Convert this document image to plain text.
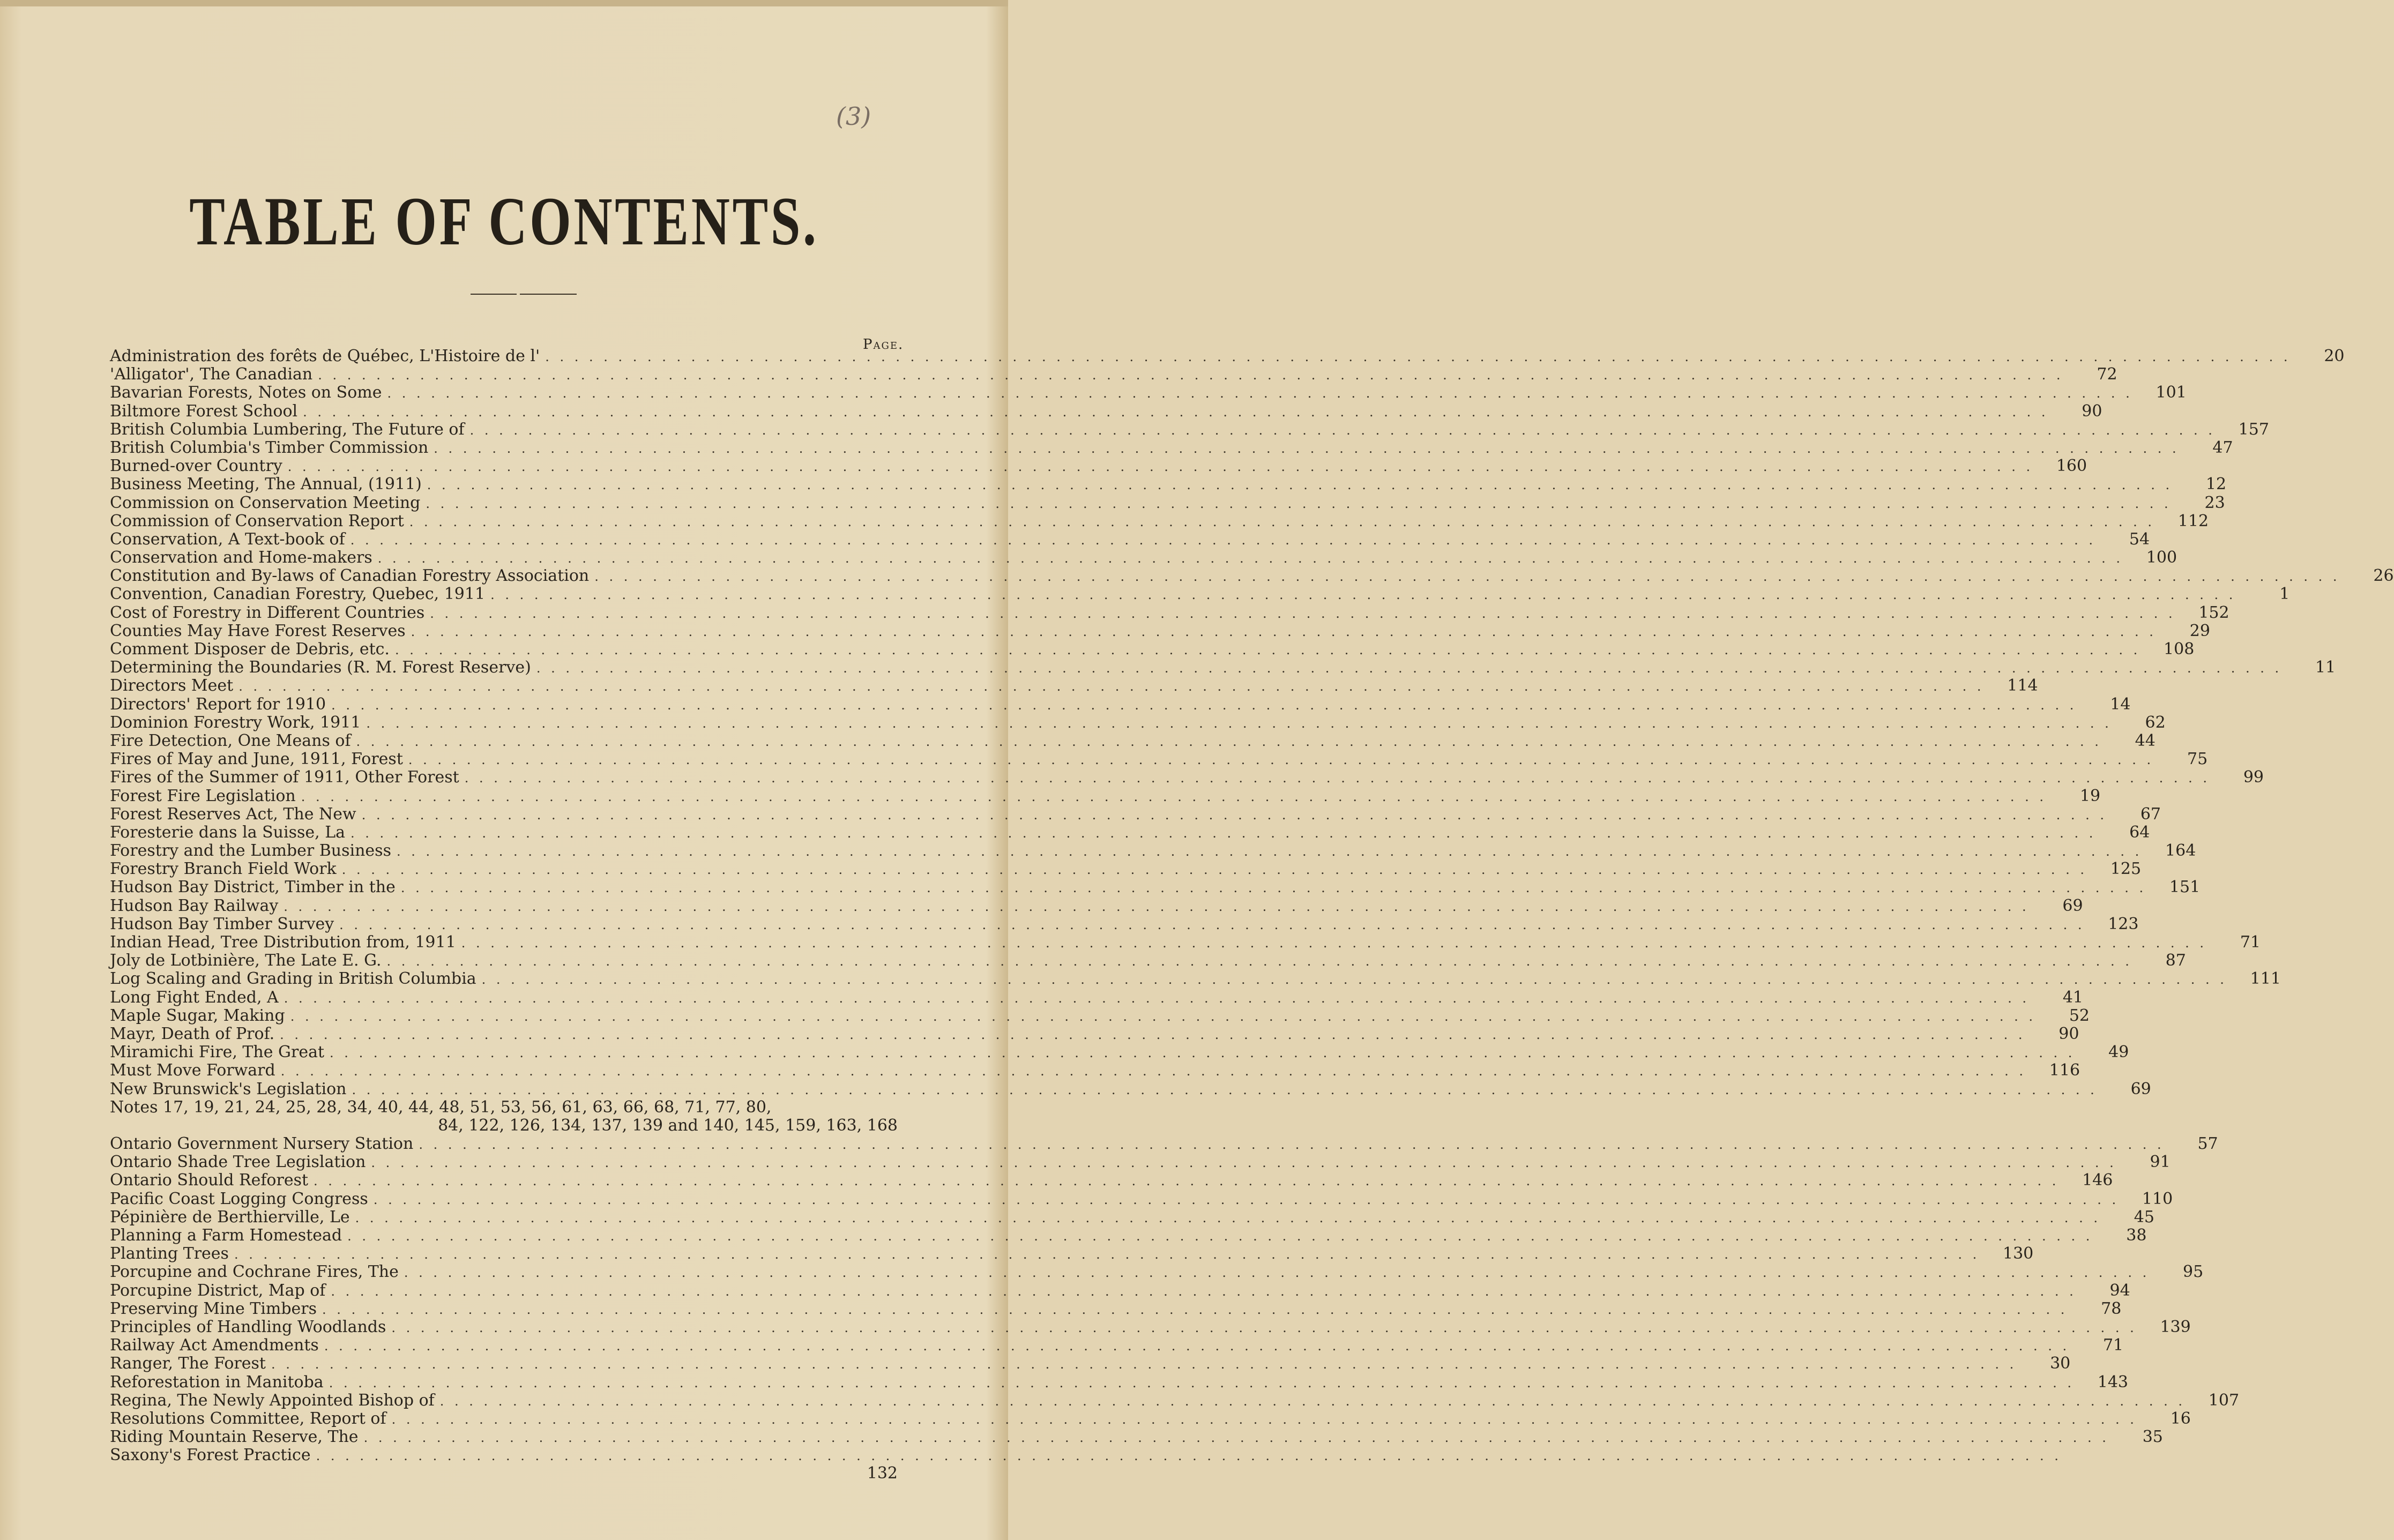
(3)
TABLE OF CONTENTS.
Page.
Administration des forêts de Québec, L'Histoire de l' . . . . . . . . . . . . . . . . . . . . . . . . . . . . . . . . . . . . . . . . . . . . . . . . . . . . . . . . . . . . . . . . . . . . . . . . . . . . . . . . . . . . . . . . . . . . . . . . . . . . . . . . . . . . . . . . . . . . . . . .	20
'Alligator', The Canadian . . . . . . . . . . . . . . . . . . . . . . . . . . . . . . . . . . . . . . . . . . . . . . . . . . . . . . . . . . . . . . . . . . . . . . . . . . . . . . . . . . . . . . . . . . . . . . . . . . . . . . . . . . . . . . . . . . . . . . . .	72
Bavarian Forests, Notes on Some . . . . . . . . . . . . . . . . . . . . . . . . . . . . . . . . . . . . . . . . . . . . . . . . . . . . . . . . . . . . . . . . . . . . . . . . . . . . . . . . . . . . . . . . . . . . . . . . . . . . . . . . . . . . . . . . . . . . . . . .	101
Biltmore Forest School . . . . . . . . . . . . . . . . . . . . . . . . . . . . . . . . . . . . . . . . . . . . . . . . . . . . . . . . . . . . . . . . . . . . . . . . . . . . . . . . . . . . . . . . . . . . . . . . . . . . . . . . . . . . . . . . . . . . . . . .	90
British Columbia Lumbering, The Future of . . . . . . . . . . . . . . . . . . . . . . . . . . . . . . . . . . . . . . . . . . . . . . . . . . . . . . . . . . . . . . . . . . . . . . . . . . . . . . . . . . . . . . . . . . . . . . . . . . . . . . . . . . . . . . . . . . . . . . . .	157
British Columbia's Timber Commission . . . . . . . . . . . . . . . . . . . . . . . . . . . . . . . . . . . . . . . . . . . . . . . . . . . . . . . . . . . . . . . . . . . . . . . . . . . . . . . . . . . . . . . . . . . . . . . . . . . . . . . . . . . . . . . . . . . . . . . .	47
Burned-over Country . . . . . . . . . . . . . . . . . . . . . . . . . . . . . . . . . . . . . . . . . . . . . . . . . . . . . . . . . . . . . . . . . . . . . . . . . . . . . . . . . . . . . . . . . . . . . . . . . . . . . . . . . . . . . . . . . . . . . . . .	160
Business Meeting, The Annual, (1911) . . . . . . . . . . . . . . . . . . . . . . . . . . . . . . . . . . . . . . . . . . . . . . . . . . . . . . . . . . . . . . . . . . . . . . . . . . . . . . . . . . . . . . . . . . . . . . . . . . . . . . . . . . . . . . . . . . . . . . . .	12
Commission on Conservation Meeting . . . . . . . . . . . . . . . . . . . . . . . . . . . . . . . . . . . . . . . . . . . . . . . . . . . . . . . . . . . . . . . . . . . . . . . . . . . . . . . . . . . . . . . . . . . . . . . . . . . . . . . . . . . . . . . . . . . . . . . .	23
Commission of Conservation Report . . . . . . . . . . . . . . . . . . . . . . . . . . . . . . . . . . . . . . . . . . . . . . . . . . . . . . . . . . . . . . . . . . . . . . . . . . . . . . . . . . . . . . . . . . . . . . . . . . . . . . . . . . . . . . . . . . . . . . . .	112
Conservation, A Text-book of . . . . . . . . . . . . . . . . . . . . . . . . . . . . . . . . . . . . . . . . . . . . . . . . . . . . . . . . . . . . . . . . . . . . . . . . . . . . . . . . . . . . . . . . . . . . . . . . . . . . . . . . . . . . . . . . . . . . . . . .	54
Conservation and Home-makers . . . . . . . . . . . . . . . . . . . . . . . . . . . . . . . . . . . . . . . . . . . . . . . . . . . . . . . . . . . . . . . . . . . . . . . . . . . . . . . . . . . . . . . . . . . . . . . . . . . . . . . . . . . . . . . . . . . . . . . .	100
Constitution and By-laws of Canadian Forestry Association . . . . . . . . . . . . . . . . . . . . . . . . . . . . . . . . . . . . . . . . . . . . . . . . . . . . . . . . . . . . . . . . . . . . . . . . . . . . . . . . . . . . . . . . . . . . . . . . . . . . . . . . . . . . . . . . . . . . . . . .	26
Convention, Canadian Forestry, Quebec, 1911 . . . . . . . . . . . . . . . . . . . . . . . . . . . . . . . . . . . . . . . . . . . . . . . . . . . . . . . . . . . . . . . . . . . . . . . . . . . . . . . . . . . . . . . . . . . . . . . . . . . . . . . . . . . . . . . . . . . . . . . .	1
Cost of Forestry in Different Countries . . . . . . . . . . . . . . . . . . . . . . . . . . . . . . . . . . . . . . . . . . . . . . . . . . . . . . . . . . . . . . . . . . . . . . . . . . . . . . . . . . . . . . . . . . . . . . . . . . . . . . . . . . . . . . . . . . . . . . . .	152
Counties May Have Forest Reserves . . . . . . . . . . . . . . . . . . . . . . . . . . . . . . . . . . . . . . . . . . . . . . . . . . . . . . . . . . . . . . . . . . . . . . . . . . . . . . . . . . . . . . . . . . . . . . . . . . . . . . . . . . . . . . . . . . . . . . . .	29
Comment Disposer de Debris, etc. . . . . . . . . . . . . . . . . . . . . . . . . . . . . . . . . . . . . . . . . . . . . . . . . . . . . . . . . . . . . . . . . . . . . . . . . . . . . . . . . . . . . . . . . . . . . . . . . . . . . . . . . . . . . . . . . . . . . . . . .	108
Determining the Boundaries (R. M. Forest Reserve) . . . . . . . . . . . . . . . . . . . . . . . . . . . . . . . . . . . . . . . . . . . . . . . . . . . . . . . . . . . . . . . . . . . . . . . . . . . . . . . . . . . . . . . . . . . . . . . . . . . . . . . . . . . . . . . . . . . . . . . .	11
Directors Meet . . . . . . . . . . . . . . . . . . . . . . . . . . . . . . . . . . . . . . . . . . . . . . . . . . . . . . . . . . . . . . . . . . . . . . . . . . . . . . . . . . . . . . . . . . . . . . . . . . . . . . . . . . . . . . . . . . . . . . . .	114
Directors' Report for 1910 . . . . . . . . . . . . . . . . . . . . . . . . . . . . . . . . . . . . . . . . . . . . . . . . . . . . . . . . . . . . . . . . . . . . . . . . . . . . . . . . . . . . . . . . . . . . . . . . . . . . . . . . . . . . . . . . . . . . . . . .	14
Dominion Forestry Work, 1911 . . . . . . . . . . . . . . . . . . . . . . . . . . . . . . . . . . . . . . . . . . . . . . . . . . . . . . . . . . . . . . . . . . . . . . . . . . . . . . . . . . . . . . . . . . . . . . . . . . . . . . . . . . . . . . . . . . . . . . . .	62
Fire Detection, One Means of . . . . . . . . . . . . . . . . . . . . . . . . . . . . . . . . . . . . . . . . . . . . . . . . . . . . . . . . . . . . . . . . . . . . . . . . . . . . . . . . . . . . . . . . . . . . . . . . . . . . . . . . . . . . . . . . . . . . . . . .	44
Fires of May and June, 1911, Forest . . . . . . . . . . . . . . . . . . . . . . . . . . . . . . . . . . . . . . . . . . . . . . . . . . . . . . . . . . . . . . . . . . . . . . . . . . . . . . . . . . . . . . . . . . . . . . . . . . . . . . . . . . . . . . . . . . . . . . . .	75
Fires of the Summer of 1911, Other Forest . . . . . . . . . . . . . . . . . . . . . . . . . . . . . . . . . . . . . . . . . . . . . . . . . . . . . . . . . . . . . . . . . . . . . . . . . . . . . . . . . . . . . . . . . . . . . . . . . . . . . . . . . . . . . . . . . . . . . . . .	99
Forest Fire Legislation . . . . . . . . . . . . . . . . . . . . . . . . . . . . . . . . . . . . . . . . . . . . . . . . . . . . . . . . . . . . . . . . . . . . . . . . . . . . . . . . . . . . . . . . . . . . . . . . . . . . . . . . . . . . . . . . . . . . . . . .	19
Forest Reserves Act, The New . . . . . . . . . . . . . . . . . . . . . . . . . . . . . . . . . . . . . . . . . . . . . . . . . . . . . . . . . . . . . . . . . . . . . . . . . . . . . . . . . . . . . . . . . . . . . . . . . . . . . . . . . . . . . . . . . . . . . . . .	67
Foresterie dans la Suisse, La . . . . . . . . . . . . . . . . . . . . . . . . . . . . . . . . . . . . . . . . . . . . . . . . . . . . . . . . . . . . . . . . . . . . . . . . . . . . . . . . . . . . . . . . . . . . . . . . . . . . . . . . . . . . . . . . . . . . . . . .	64
Forestry and the Lumber Business . . . . . . . . . . . . . . . . . . . . . . . . . . . . . . . . . . . . . . . . . . . . . . . . . . . . . . . . . . . . . . . . . . . . . . . . . . . . . . . . . . . . . . . . . . . . . . . . . . . . . . . . . . . . . . . . . . . . . . . .	164
Forestry Branch Field Work . . . . . . . . . . . . . . . . . . . . . . . . . . . . . . . . . . . . . . . . . . . . . . . . . . . . . . . . . . . . . . . . . . . . . . . . . . . . . . . . . . . . . . . . . . . . . . . . . . . . . . . . . . . . . . . . . . . . . . . .	125
Hudson Bay District, Timber in the . . . . . . . . . . . . . . . . . . . . . . . . . . . . . . . . . . . . . . . . . . . . . . . . . . . . . . . . . . . . . . . . . . . . . . . . . . . . . . . . . . . . . . . . . . . . . . . . . . . . . . . . . . . . . . . . . . . . . . . .	151
Hudson Bay Railway . . . . . . . . . . . . . . . . . . . . . . . . . . . . . . . . . . . . . . . . . . . . . . . . . . . . . . . . . . . . . . . . . . . . . . . . . . . . . . . . . . . . . . . . . . . . . . . . . . . . . . . . . . . . . . . . . . . . . . . .	69
Hudson Bay Timber Survey . . . . . . . . . . . . . . . . . . . . . . . . . . . . . . . . . . . . . . . . . . . . . . . . . . . . . . . . . . . . . . . . . . . . . . . . . . . . . . . . . . . . . . . . . . . . . . . . . . . . . . . . . . . . . . . . . . . . . . . .	123
Indian Head, Tree Distribution from, 1911 . . . . . . . . . . . . . . . . . . . . . . . . . . . . . . . . . . . . . . . . . . . . . . . . . . . . . . . . . . . . . . . . . . . . . . . . . . . . . . . . . . . . . . . . . . . . . . . . . . . . . . . . . . . . . . . . . . . . . . . .	71
Joly de Lotbinière, The Late E. G. . . . . . . . . . . . . . . . . . . . . . . . . . . . . . . . . . . . . . . . . . . . . . . . . . . . . . . . . . . . . . . . . . . . . . . . . . . . . . . . . . . . . . . . . . . . . . . . . . . . . . . . . . . . . . . . . . . . . . . . .	87
Log Scaling and Grading in British Columbia . . . . . . . . . . . . . . . . . . . . . . . . . . . . . . . . . . . . . . . . . . . . . . . . . . . . . . . . . . . . . . . . . . . . . . . . . . . . . . . . . . . . . . . . . . . . . . . . . . . . . . . . . . . . . . . . . . . . . . . .	111
Long Fight Ended, A . . . . . . . . . . . . . . . . . . . . . . . . . . . . . . . . . . . . . . . . . . . . . . . . . . . . . . . . . . . . . . . . . . . . . . . . . . . . . . . . . . . . . . . . . . . . . . . . . . . . . . . . . . . . . . . . . . . . . . . .	41
Maple Sugar, Making . . . . . . . . . . . . . . . . . . . . . . . . . . . . . . . . . . . . . . . . . . . . . . . . . . . . . . . . . . . . . . . . . . . . . . . . . . . . . . . . . . . . . . . . . . . . . . . . . . . . . . . . . . . . . . . . . . . . . . . .	52
Mayr, Death of Prof. . . . . . . . . . . . . . . . . . . . . . . . . . . . . . . . . . . . . . . . . . . . . . . . . . . . . . . . . . . . . . . . . . . . . . . . . . . . . . . . . . . . . . . . . . . . . . . . . . . . . . . . . . . . . . . . . . . . . . . . .	90
Miramichi Fire, The Great . . . . . . . . . . . . . . . . . . . . . . . . . . . . . . . . . . . . . . . . . . . . . . . . . . . . . . . . . . . . . . . . . . . . . . . . . . . . . . . . . . . . . . . . . . . . . . . . . . . . . . . . . . . . . . . . . . . . . . . .	49
Must Move Forward . . . . . . . . . . . . . . . . . . . . . . . . . . . . . . . . . . . . . . . . . . . . . . . . . . . . . . . . . . . . . . . . . . . . . . . . . . . . . . . . . . . . . . . . . . . . . . . . . . . . . . . . . . . . . . . . . . . . . . . .	116
New Brunswick's Legislation . . . . . . . . . . . . . . . . . . . . . . . . . . . . . . . . . . . . . . . . . . . . . . . . . . . . . . . . . . . . . . . . . . . . . . . . . . . . . . . . . . . . . . . . . . . . . . . . . . . . . . . . . . . . . . . . . . . . . . . .	69
Notes 17, 19, 21, 24, 25, 28, 34, 40, 44, 48, 51, 53, 56, 61, 63, 66, 68, 71, 77, 80,
84, 122, 126, 134, 137, 139 and 140, 145, 159, 163, 168
Ontario Government Nursery Station . . . . . . . . . . . . . . . . . . . . . . . . . . . . . . . . . . . . . . . . . . . . . . . . . . . . . . . . . . . . . . . . . . . . . . . . . . . . . . . . . . . . . . . . . . . . . . . . . . . . . . . . . . . . . . . . . . . . . . . .	57
Ontario Shade Tree Legislation . . . . . . . . . . . . . . . . . . . . . . . . . . . . . . . . . . . . . . . . . . . . . . . . . . . . . . . . . . . . . . . . . . . . . . . . . . . . . . . . . . . . . . . . . . . . . . . . . . . . . . . . . . . . . . . . . . . . . . . .	91
Ontario Should Reforest . . . . . . . . . . . . . . . . . . . . . . . . . . . . . . . . . . . . . . . . . . . . . . . . . . . . . . . . . . . . . . . . . . . . . . . . . . . . . . . . . . . . . . . . . . . . . . . . . . . . . . . . . . . . . . . . . . . . . . . .	146
Pacific Coast Logging Congress . . . . . . . . . . . . . . . . . . . . . . . . . . . . . . . . . . . . . . . . . . . . . . . . . . . . . . . . . . . . . . . . . . . . . . . . . . . . . . . . . . . . . . . . . . . . . . . . . . . . . . . . . . . . . . . . . . . . . . . .	110
Pépinière de Berthierville, Le . . . . . . . . . . . . . . . . . . . . . . . . . . . . . . . . . . . . . . . . . . . . . . . . . . . . . . . . . . . . . . . . . . . . . . . . . . . . . . . . . . . . . . . . . . . . . . . . . . . . . . . . . . . . . . . . . . . . . . . .	45
Planning a Farm Homestead . . . . . . . . . . . . . . . . . . . . . . . . . . . . . . . . . . . . . . . . . . . . . . . . . . . . . . . . . . . . . . . . . . . . . . . . . . . . . . . . . . . . . . . . . . . . . . . . . . . . . . . . . . . . . . . . . . . . . . . .	38
Planting Trees . . . . . . . . . . . . . . . . . . . . . . . . . . . . . . . . . . . . . . . . . . . . . . . . . . . . . . . . . . . . . . . . . . . . . . . . . . . . . . . . . . . . . . . . . . . . . . . . . . . . . . . . . . . . . . . . . . . . . . . .	130
Porcupine and Cochrane Fires, The . . . . . . . . . . . . . . . . . . . . . . . . . . . . . . . . . . . . . . . . . . . . . . . . . . . . . . . . . . . . . . . . . . . . . . . . . . . . . . . . . . . . . . . . . . . . . . . . . . . . . . . . . . . . . . . . . . . . . . . .	95
Porcupine District, Map of . . . . . . . . . . . . . . . . . . . . . . . . . . . . . . . . . . . . . . . . . . . . . . . . . . . . . . . . . . . . . . . . . . . . . . . . . . . . . . . . . . . . . . . . . . . . . . . . . . . . . . . . . . . . . . . . . . . . . . . .	94
Preserving Mine Timbers . . . . . . . . . . . . . . . . . . . . . . . . . . . . . . . . . . . . . . . . . . . . . . . . . . . . . . . . . . . . . . . . . . . . . . . . . . . . . . . . . . . . . . . . . . . . . . . . . . . . . . . . . . . . . . . . . . . . . . . .	78
Principles of Handling Woodlands . . . . . . . . . . . . . . . . . . . . . . . . . . . . . . . . . . . . . . . . . . . . . . . . . . . . . . . . . . . . . . . . . . . . . . . . . . . . . . . . . . . . . . . . . . . . . . . . . . . . . . . . . . . . . . . . . . . . . . . .	139
Railway Act Amendments . . . . . . . . . . . . . . . . . . . . . . . . . . . . . . . . . . . . . . . . . . . . . . . . . . . . . . . . . . . . . . . . . . . . . . . . . . . . . . . . . . . . . . . . . . . . . . . . . . . . . . . . . . . . . . . . . . . . . . . .	71
Ranger, The Forest . . . . . . . . . . . . . . . . . . . . . . . . . . . . . . . . . . . . . . . . . . . . . . . . . . . . . . . . . . . . . . . . . . . . . . . . . . . . . . . . . . . . . . . . . . . . . . . . . . . . . . . . . . . . . . . . . . . . . . . .	30
Reforestation in Manitoba . . . . . . . . . . . . . . . . . . . . . . . . . . . . . . . . . . . . . . . . . . . . . . . . . . . . . . . . . . . . . . . . . . . . . . . . . . . . . . . . . . . . . . . . . . . . . . . . . . . . . . . . . . . . . . . . . . . . . . . .	143
Regina, The Newly Appointed Bishop of . . . . . . . . . . . . . . . . . . . . . . . . . . . . . . . . . . . . . . . . . . . . . . . . . . . . . . . . . . . . . . . . . . . . . . . . . . . . . . . . . . . . . . . . . . . . . . . . . . . . . . . . . . . . . . . . . . . . . . . .	107
Resolutions Committee, Report of . . . . . . . . . . . . . . . . . . . . . . . . . . . . . . . . . . . . . . . . . . . . . . . . . . . . . . . . . . . . . . . . . . . . . . . . . . . . . . . . . . . . . . . . . . . . . . . . . . . . . . . . . . . . . . . . . . . . . . . .	16
Riding Mountain Reserve, The . . . . . . . . . . . . . . . . . . . . . . . . . . . . . . . . . . . . . . . . . . . . . . . . . . . . . . . . . . . . . . . . . . . . . . . . . . . . . . . . . . . . . . . . . . . . . . . . . . . . . . . . . . . . . . . . . . . . . . . .	35
Saxony's Forest Practice . . . . . . . . . . . . . . . . . . . . . . . . . . . . . . . . . . . . . . . . . . . . . . . . . . . . . . . . . . . . . . . . . . . . . . . . . . . . . . . . . . . . . . . . . . . . . . . . . . . . . . . . . . . . . . . . . . . . . . . .
132
